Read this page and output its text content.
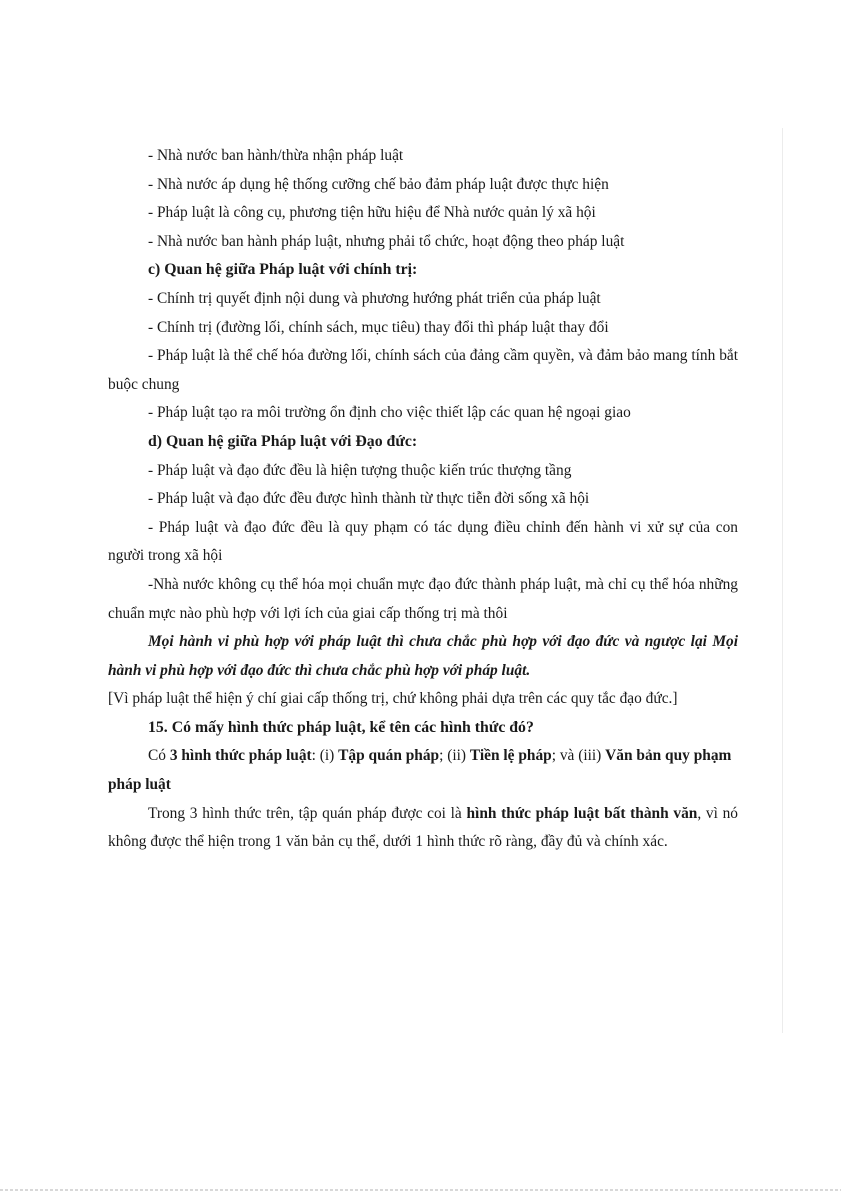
- Nhà nước ban hành/thừa nhận pháp luật

- Nhà nước áp dụng hệ thống cưỡng chế bảo đảm pháp luật được thực hiện

- Pháp luật là công cụ, phương tiện hữu hiệu để Nhà nước quản lý xã hội

- Nhà nước ban hành pháp luật, nhưng phải tổ chức, hoạt động theo pháp luật

c) Quan hệ giữa Pháp luật với chính trị:

- Chính trị quyết định nội dung và phương hướng phát triển của pháp luật

- Chính trị (đường lối, chính sách, mục tiêu) thay đổi thì pháp luật thay đổi

- Pháp luật là thể chế hóa đường lối, chính sách của đảng cầm quyền, và đảm bảo mang tính bắt buộc chung

- Pháp luật tạo ra môi trường ổn định cho việc thiết lập các quan hệ ngoại giao

d) Quan hệ giữa Pháp luật với Đạo đức:

- Pháp luật và đạo đức đều là hiện tượng thuộc kiến trúc thượng tầng

- Pháp luật và đạo đức đều được hình thành từ thực tiễn đời sống xã hội

- Pháp luật và đạo đức đều là quy phạm có tác dụng điều chỉnh đến hành vi xử sự của con người trong xã hội

-Nhà nước không cụ thể hóa mọi chuẩn mực đạo đức thành pháp luật, mà chỉ cụ thể hóa những chuẩn mực nào phù hợp với lợi ích của giai cấp thống trị mà thôi

Mọi hành vi phù hợp với pháp luật thì chưa chắc phù hợp với đạo đức và ngược lại Mọi hành vi phù hợp với đạo đức thì chưa chắc phù hợp với pháp luật.

[Vì pháp luật thể hiện ý chí giai cấp thống trị, chứ không phải dựa trên các quy tắc đạo đức.]

15. Có mấy hình thức pháp luật, kể tên các hình thức đó?

Có 3 hình thức pháp luật: (i) Tập quán pháp; (ii) Tiền lệ pháp; và (iii) Văn bản quy phạm pháp luật

Trong 3 hình thức trên, tập quán pháp được coi là hình thức pháp luật bất thành văn, vì nó không được thể hiện trong 1 văn bản cụ thể, dưới 1 hình thức rõ ràng, đầy đủ và chính xác.
